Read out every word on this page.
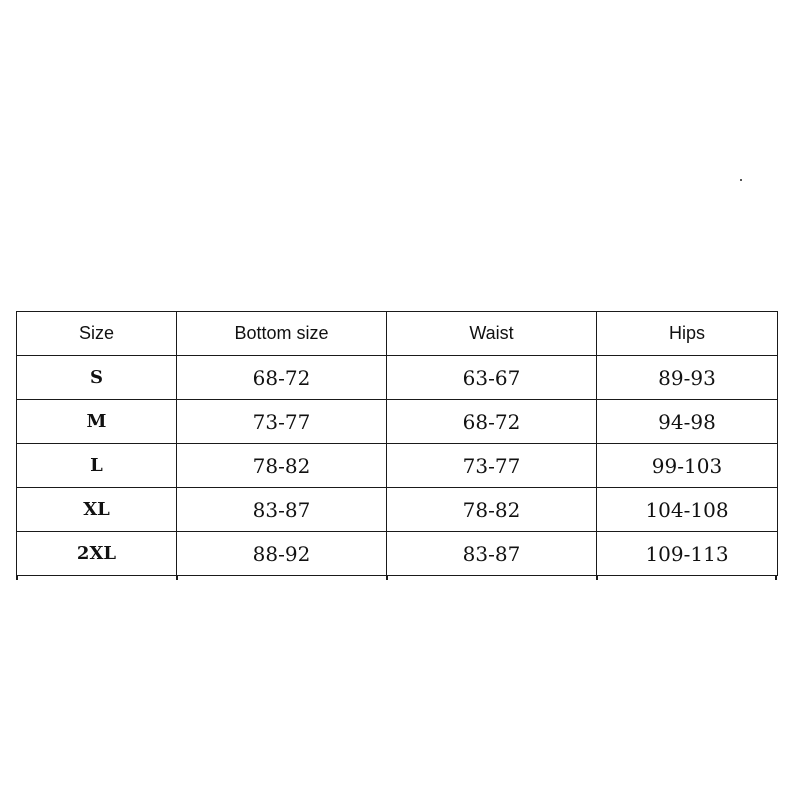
Size	Bottom size	Waist	Hips
S	68-72	63-67	89-93
M	73-77	68-72	94-98
L	78-82	73-77	99-103
XL	83-87	78-82	104-108
2XL	88-92	83-87	109-113
